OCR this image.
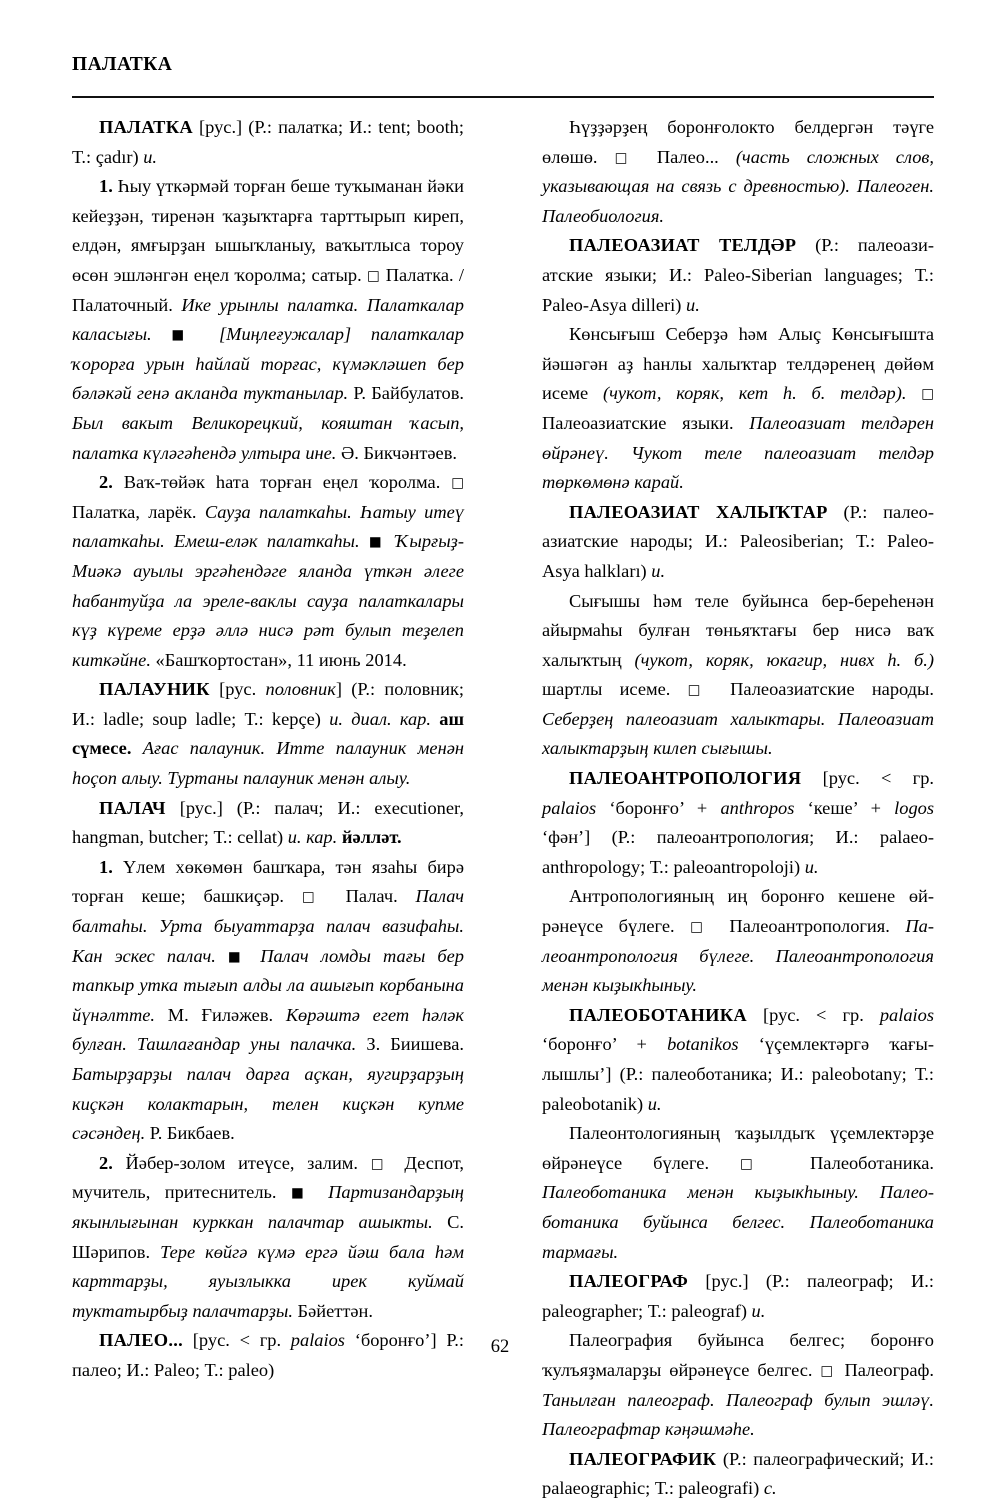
ПАЛАТКА

ПАЛАТКА [рус.] (Р.: палатка; И.: tent; booth; Т.: çadır) и.

1. Һыу үткәрмәй торған беше туҡыманан йәки кейеҙҙән, тиренән ҡаҙыҡтарға тарттырып киреп, елдән, ямғырҙан ышыҡланыу, ваҡытлыса тороу өсөн эшләнгән еңел ҡоролма; сатыр. □ Палатка. / Палаточный. Ике урынлы палатка. Палаткалар каласығы. ■ [Миңлеғужалар] палаткалар ҡорорға урын һайлай торғас, күмәкләшеп бер бәләкәй генә акланда туктанылар. Р. Байбулатов. Был вакыт Великорецкий, кояштан ҡасып, палатка күләгәһендә ултыра ине. Ә. Бикчәнтәев.

2. Ваҡ-төйәк һата торған еңел ҡоролма. □ Палатка, ларёк. Сауҙа палаткаһы. Һатыу итеү палаткаһы. Емеш-еләк палаткаһы. ■ Ҡырғыҙ-Миәкә ауылы эргәһендәге яланда үткән әлеге һабантуйҙа ла эреле-ваклы сауҙа палаткалары күҙ күреме ерҙә әллә нисә рәт булып теҙелеп киткәйне. «Башҡортостан», 11 июнь 2014.

ПАЛАУНИК [рус. половник] (Р.: половник; И.: ladle; soup ladle; Т.: kepçe) и. диал. кар. аш сүмесе. Ағас палауник. Итте палауник менән һоçоп алыу. Туртаны палауник менән алыу.

ПАЛАЧ [рус.] (Р.: палач; И.: executioner, hangman, butcher; Т.: cellat) и. кар. йәлләт.

1. Үлем хөкөмөн башҡара, тән язаһы бирә торған кеше; башкиçәр. □ Палач. Палач балтаһы. Урта быуаттарҙа палач вазифаһы. Кан эскес палач. ■ Палач ломды тағы бер тапкыр утка тығып алды ла ашығып корбанына йүнәлтте. М. Ғиләжев. Көрәштә егет һәләк булған. Ташлағандар уны палачка. З. Биишева. Батырҙарҙы палач дарға аçкан, яугирҙарҙың киçкән колактарын, телен киçкән купме сәсәндең. Р. Бикбаев.

2. Йәбер-золом итеүсе, залим. □ Деспот, мучитель, притеснитель. ■ Партизандарҙың якынлығынан курккан палачтар ашыкты. С. Шәрипов. Тере көйгә күмә ергә йәш бала һәм карттарҙы, яуызлыкка ирек куймай туктатырбыҙ палачтарҙы. Бәйеттән.

ПАЛЕО... [рус. < гр. palaios ‘боронғо’] Р.: палео; И.: Paleo; Т.: paleo)

Һүҙҙәрҙең боронғолокто белдергән тәүге өлөшө. □ Палео... (часть сложных слов, указывающая на связь с древностью). Палеоген. Палеобиология.

ПАЛЕОАЗИАТ ТЕЛДӘР (Р.: палеоазиатские языки; И.: Paleo-Siberian languages; Т.: Paleo-Asya dilleri) и.

Көнсығыш Себерҙә һәм Алыç Көнсығышта йәшәгән аҙ һанлы халыҡтар телдәренең дөйөм исеме (чукот, коряк, кет h. б. телдәр). □ Палеоазиатские языки. Палеоазиат телдәрен өйрәнеү. Чукот теле палеоазиат телдәр төркөмөнә карай.

ПАЛЕОАЗИАТ ХАЛЫҠТАР (Р.: палеоазиатские народы; И.: Paleosiberian; Т.: Paleo-Asya halkları) и.

Сығышы һәм теле буйынса бер-береһенән айырмаһы булған төньяҡтағы бер нисә ваҡ халыҡтың (чукот, коряк, юкагир, нивх h. б.) шартлы исеме. □ Палеоазиатские народы. Себерҙең палеоазиат халыктары. Палеоазиат халыктарҙың килеп сығышы.

ПАЛЕОАНТРОПОЛОГИЯ [рус. < гр. palaios ‘боронғо’ + anthropos ‘кеше’ + logos ‘фән’] (Р.: палеоантропология; И.: palaeoanthropology; Т.: paleoantropoloji) и.

Антропологияның иң боронғо кешене өйрәнеүсе бүлеге. □ Палеоантропология. Палеоантропология бүлеге. Палеоантропология менән кыҙыкһыныу.

ПАЛЕОБОТАНИКА [рус. < гр. palaios ‘боронғо’ + botanikos ‘үçемлектәргә ҡағылышлы’] (Р.: палеоботаника; И.: paleobotany; Т.: paleobotanik) и.

Палеонтологияның ҡаҙылдыҡ үçемлектәрҙе өйрәнеүсе бүлеге. □ Палеоботаника. Палеоботаника менән кыҙыкһыныу. Палеоботаника буйынса белгес. Палеоботаника тармағы.

ПАЛЕОГРАФ [рус.] (Р.: палеограф; И.: paleographer; Т.: paleograf) и.

Палеография буйынса белгес; боронғо ҡулъяҙмаларҙы өйрәнеүсе белгес. □ Палеограф. Танылған палеограф. Палеограф булып эшләү. Палеографтар кәңәшмәһе.

ПАЛЕОГРАФИК (Р.: палеографический; И.: palaeographic; Т.: paleografi) с.

62
